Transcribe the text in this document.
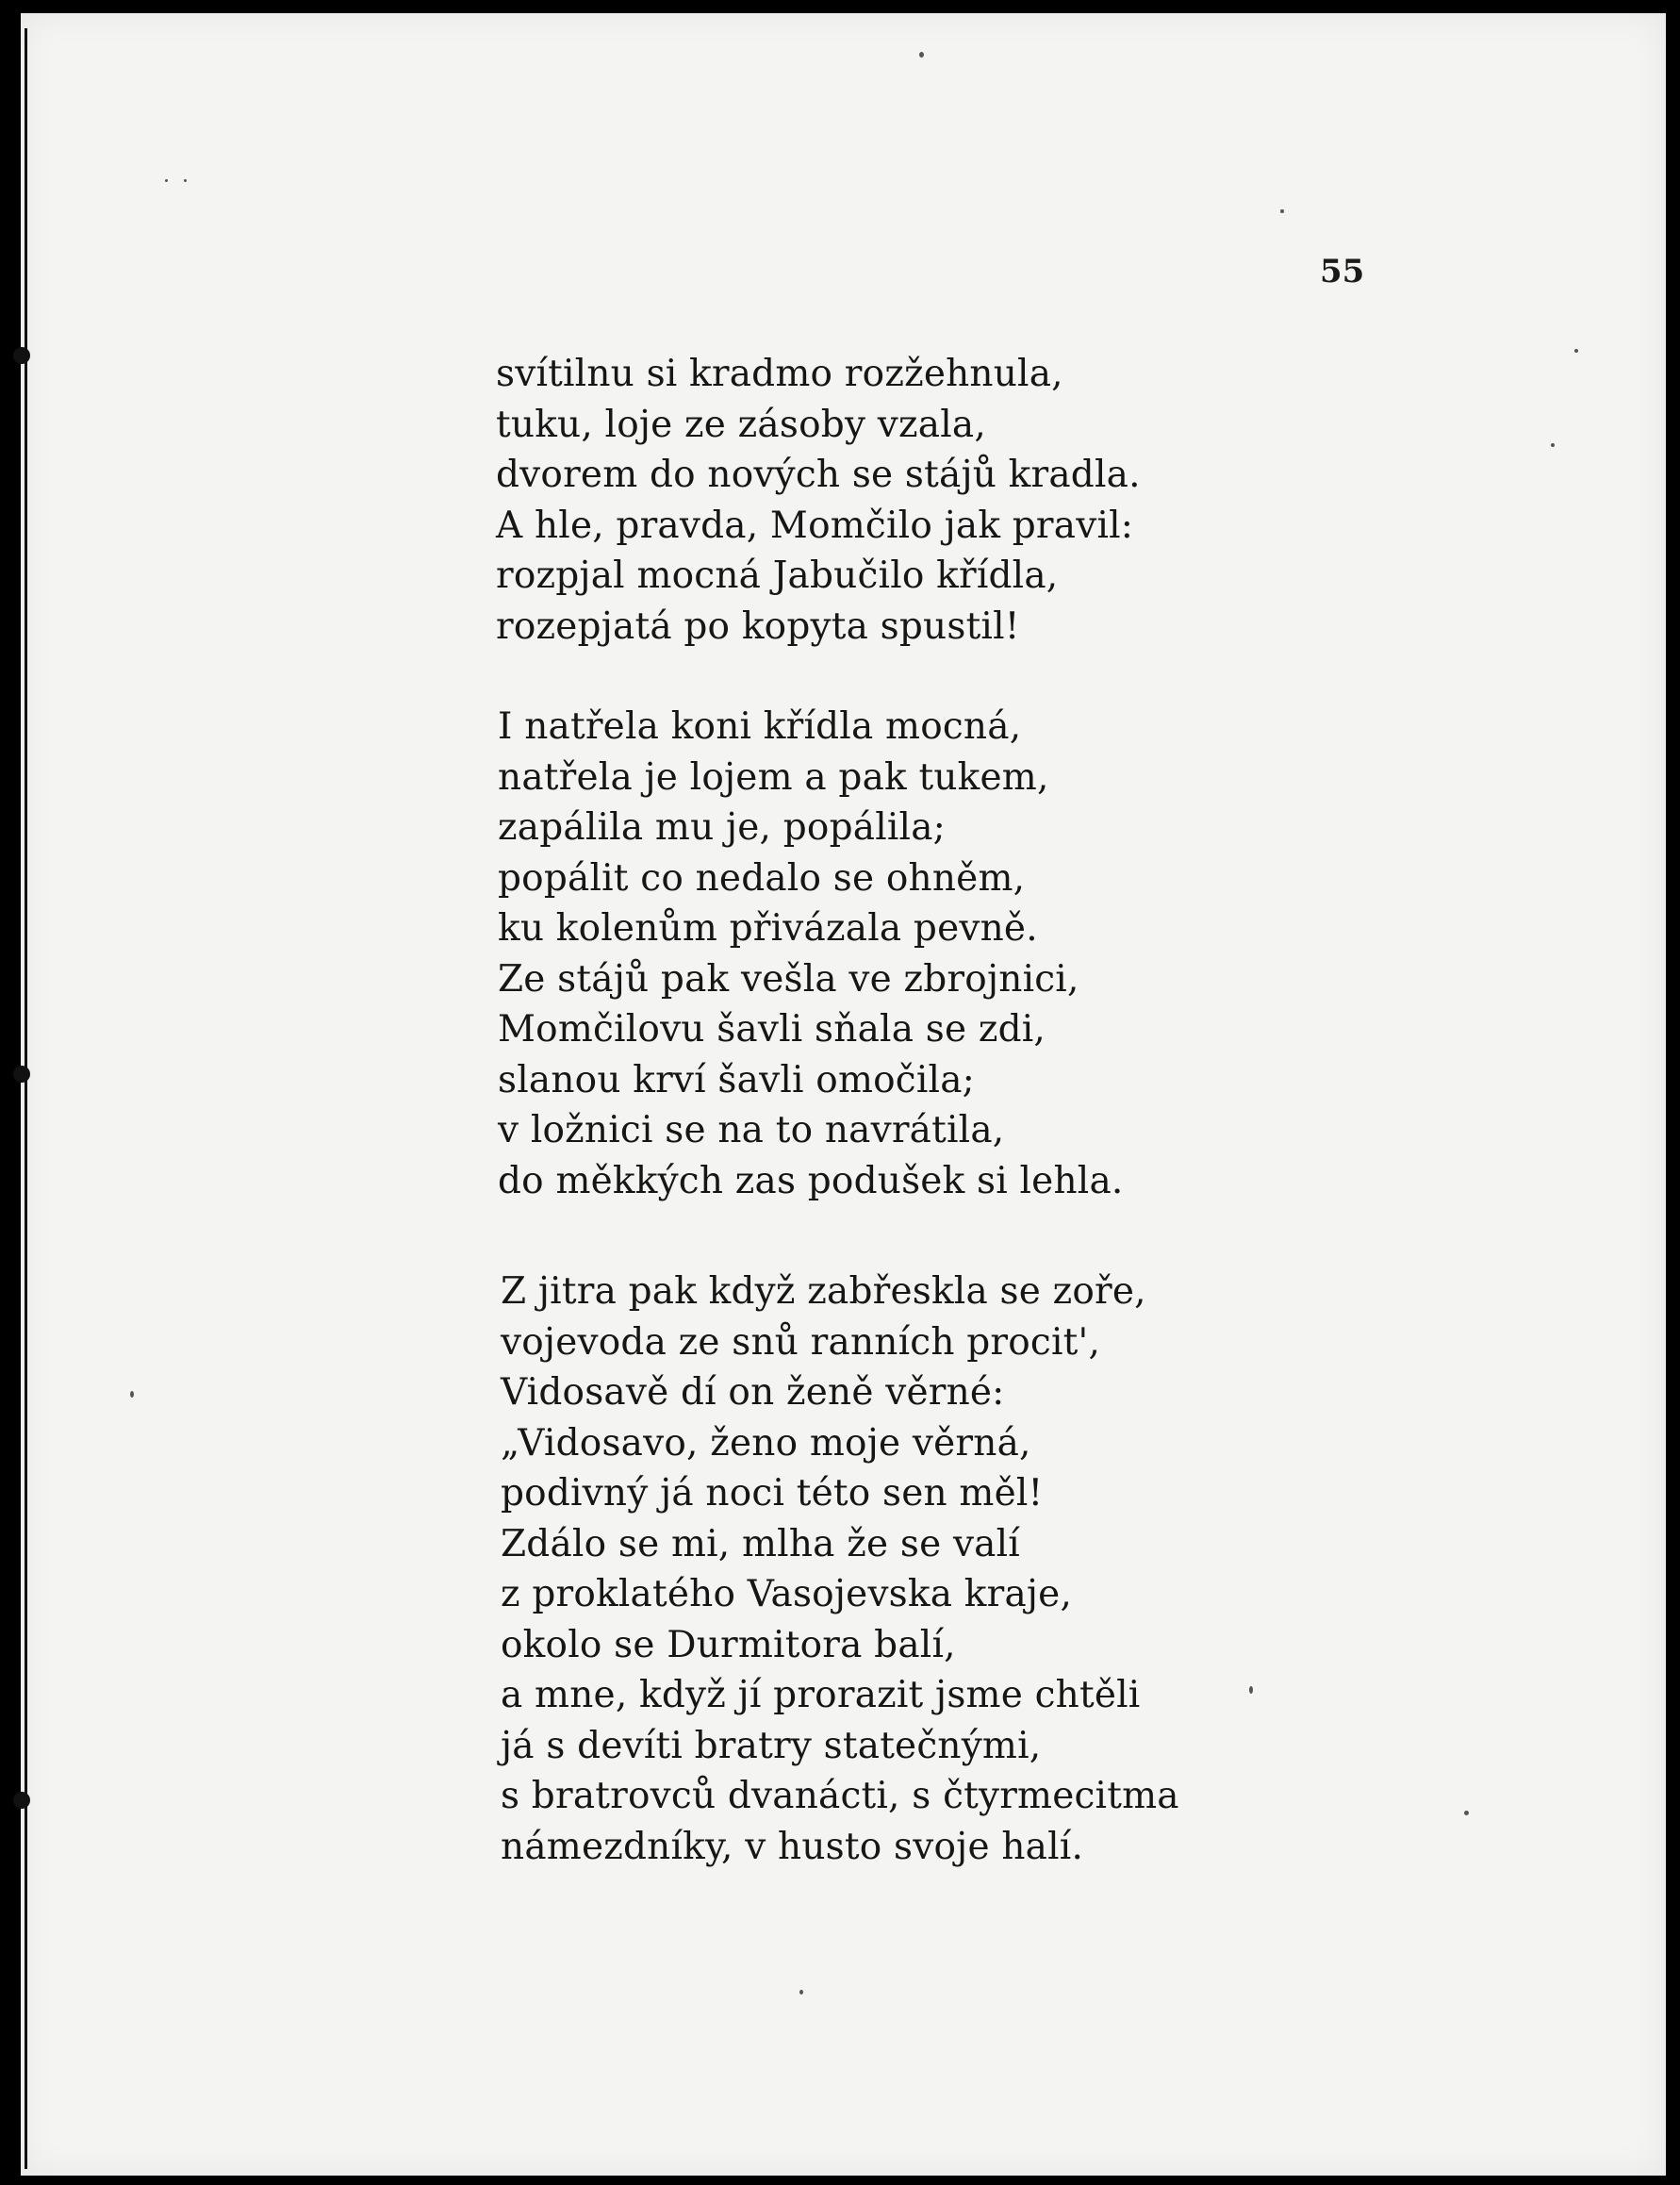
55
svítilnu si kradmo rozžehnula,
tuku, loje ze zásoby vzala,
dvorem do nových se stájů kradla.
A hle, pravda, Momčilo jak pravil:
rozpjal mocná Jabučilo křídla,
rozepjatá po kopyta spustil!
I natřela koni křídla mocná,
natřela je lojem a pak tukem,
zapálila mu je, popálila;
popálit co nedalo se ohněm,
ku kolenům přivázala pevně.
Ze stájů pak vešla ve zbrojnici,
Momčilovu šavli sňala se zdi,
slanou krví šavli omočila;
v ložnici se na to navrátila,
do měkkých zas podušek si lehla.
Z jitra pak když zabřeskla se zoře,
vojevoda ze snů ranních procit',
Vidosavě dí on ženě věrné:
„Vidosavo, ženo moje věrná,
podivný já noci této sen měl!
Zdálo se mi, mlha že se valí
z proklatého Vasojevska kraje,
okolo se Durmitora balí,
a mne, když jí prorazit jsme chtěli
já s devíti bratry statečnými,
s bratrovců dvanácti, s čtyrmecitma
námezdníky, v husto svoje halí.
